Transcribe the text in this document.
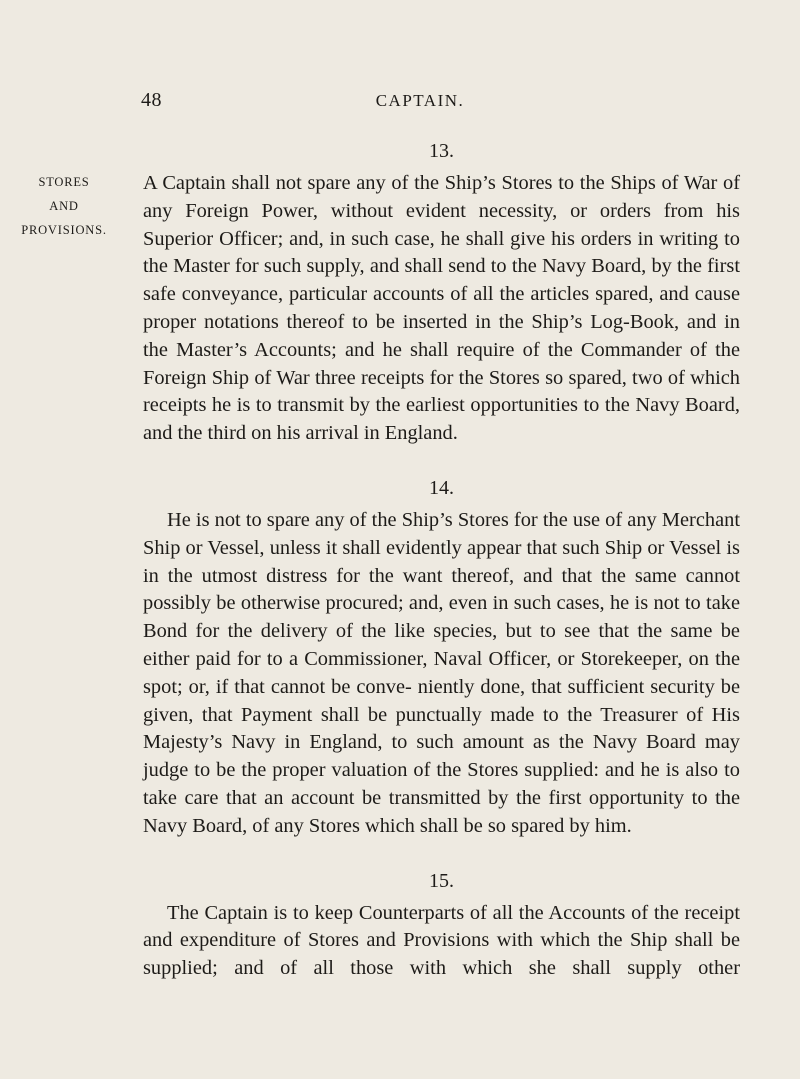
48	CAPTAIN.
STORES
AND
PROVISIONS.
13.

A Captain shall not spare any of the Ship’s Stores to the Ships of War of any Foreign Power, without evident necessity, or orders from his Superior Officer; and, in such case, he shall give his orders in writing to the Master for such supply, and shall send to the Navy Board, by the first safe conveyance, particular accounts of all the articles spared, and cause proper notations thereof to be inserted in the Ship’s Log-Book, and in the Master’s Accounts; and he shall require of the Commander of the Foreign Ship of War three receipts for the Stores so spared, two of which receipts he is to transmit by the earliest opportunities to the Navy Board, and the third on his arrival in England.

14.

He is not to spare any of the Ship’s Stores for the use of any Merchant Ship or Vessel, unless it shall evidently appear that such Ship or Vessel is in the utmost distress for the want thereof, and that the same cannot possibly be otherwise procured; and, even in such cases, he is not to take Bond for the delivery of the like species, but to see that the same be either paid for to a Commissioner, Naval Officer, or Storekeeper, on the spot; or, if that cannot be conve- niently done, that sufficient security be given, that Payment shall be punctually made to the Treasurer of His Majesty’s Navy in England, to such amount as the Navy Board may judge to be the proper valuation of the Stores supplied: and he is also to take care that an account be transmitted by the first opportunity to the Navy Board, of any Stores which shall be so spared by him.

15.

The Captain is to keep Counterparts of all the Accounts of the receipt and expenditure of Stores and Provisions with which the Ship shall be supplied; and of all those with which she shall supply other
